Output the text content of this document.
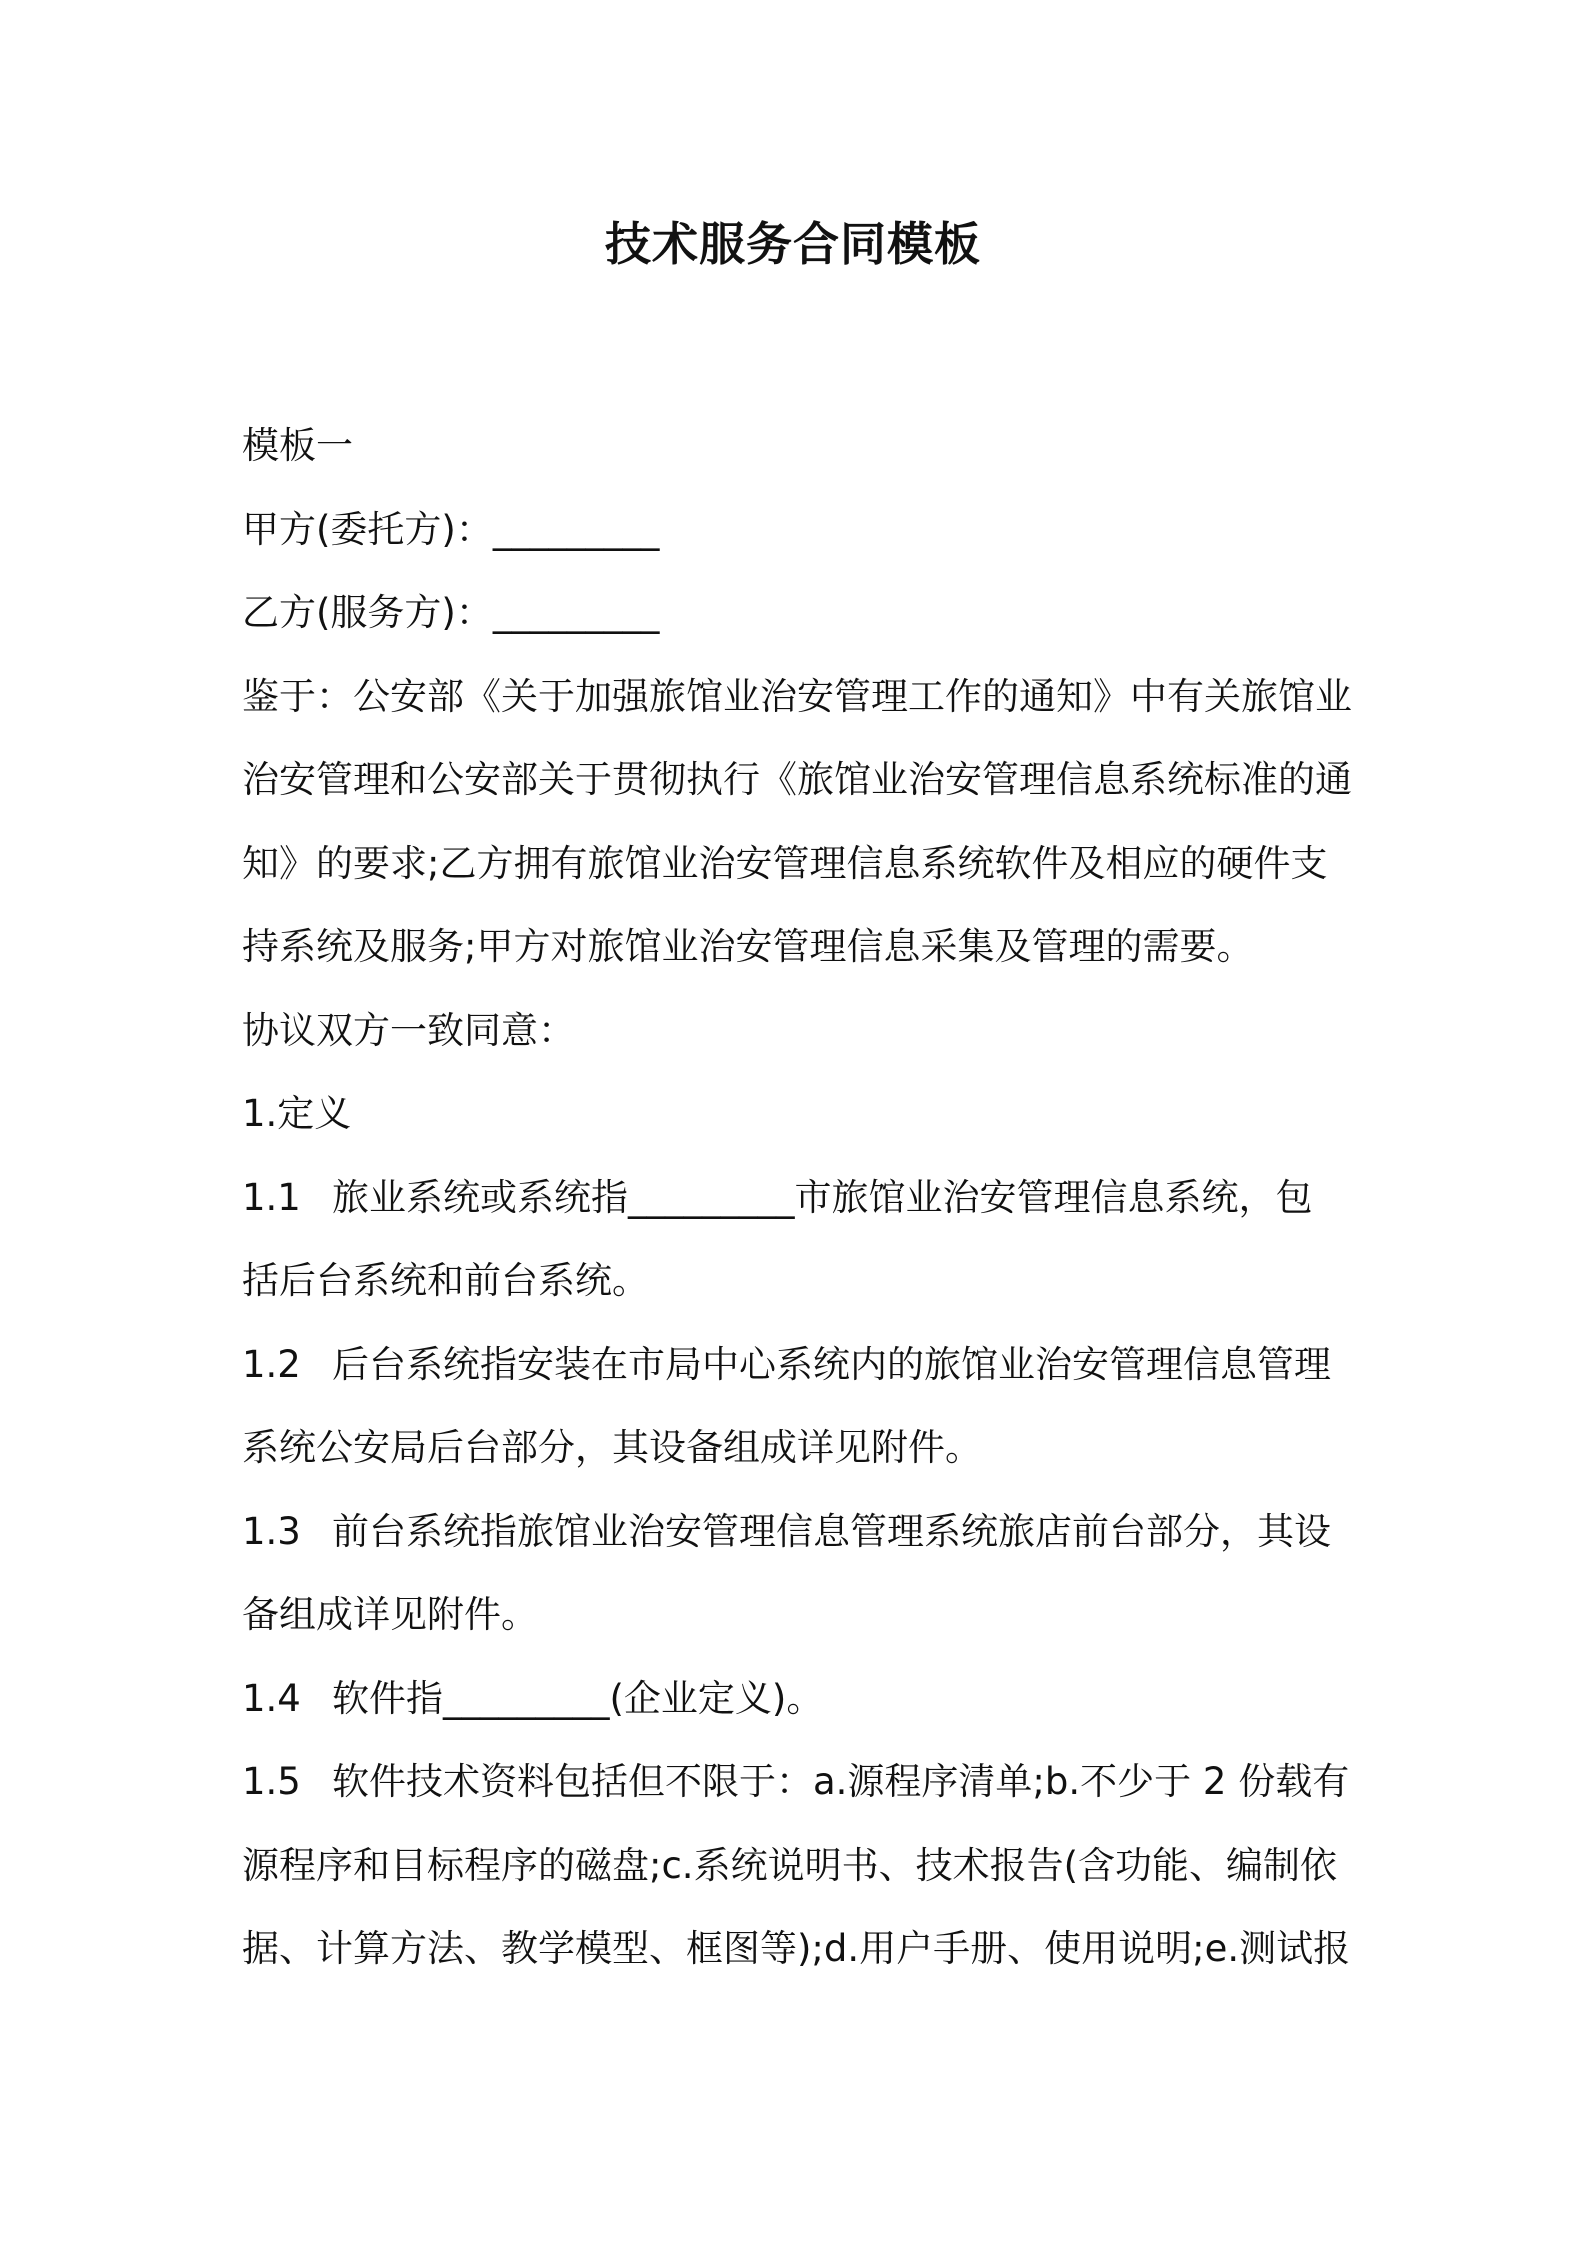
技术服务合同模板

模板一

甲方(委托方)：_________

乙方(服务方)：_________

鉴于：公安部《关于加强旅馆业治安管理工作的通知》中有关旅馆业

治安管理和公安部关于贯彻执行《旅馆业治安管理信息系统标准的通

知》的要求;乙方拥有旅馆业治安管理信息系统软件及相应的硬件支

持系统及服务;甲方对旅馆业治安管理信息采集及管理的需要。

协议双方一致同意：

1.定义

1.1 旅业系统或系统指_________市旅馆业治安管理信息系统，包

括后台系统和前台系统。

1.2 后台系统指安装在市局中心系统内的旅馆业治安管理信息管理

系统公安局后台部分，其设备组成详见附件。

1.3 前台系统指旅馆业治安管理信息管理系统旅店前台部分，其设

备组成详见附件。

1.4 软件指_________(企业定义)。

1.5 软件技术资料包括但不限于：a.源程序清单;b.不少于 2 份载有

源程序和目标程序的磁盘;c.系统说明书、技术报告(含功能、编制依

据、计算方法、教学模型、框图等);d.用户手册、使用说明;e.测试报
